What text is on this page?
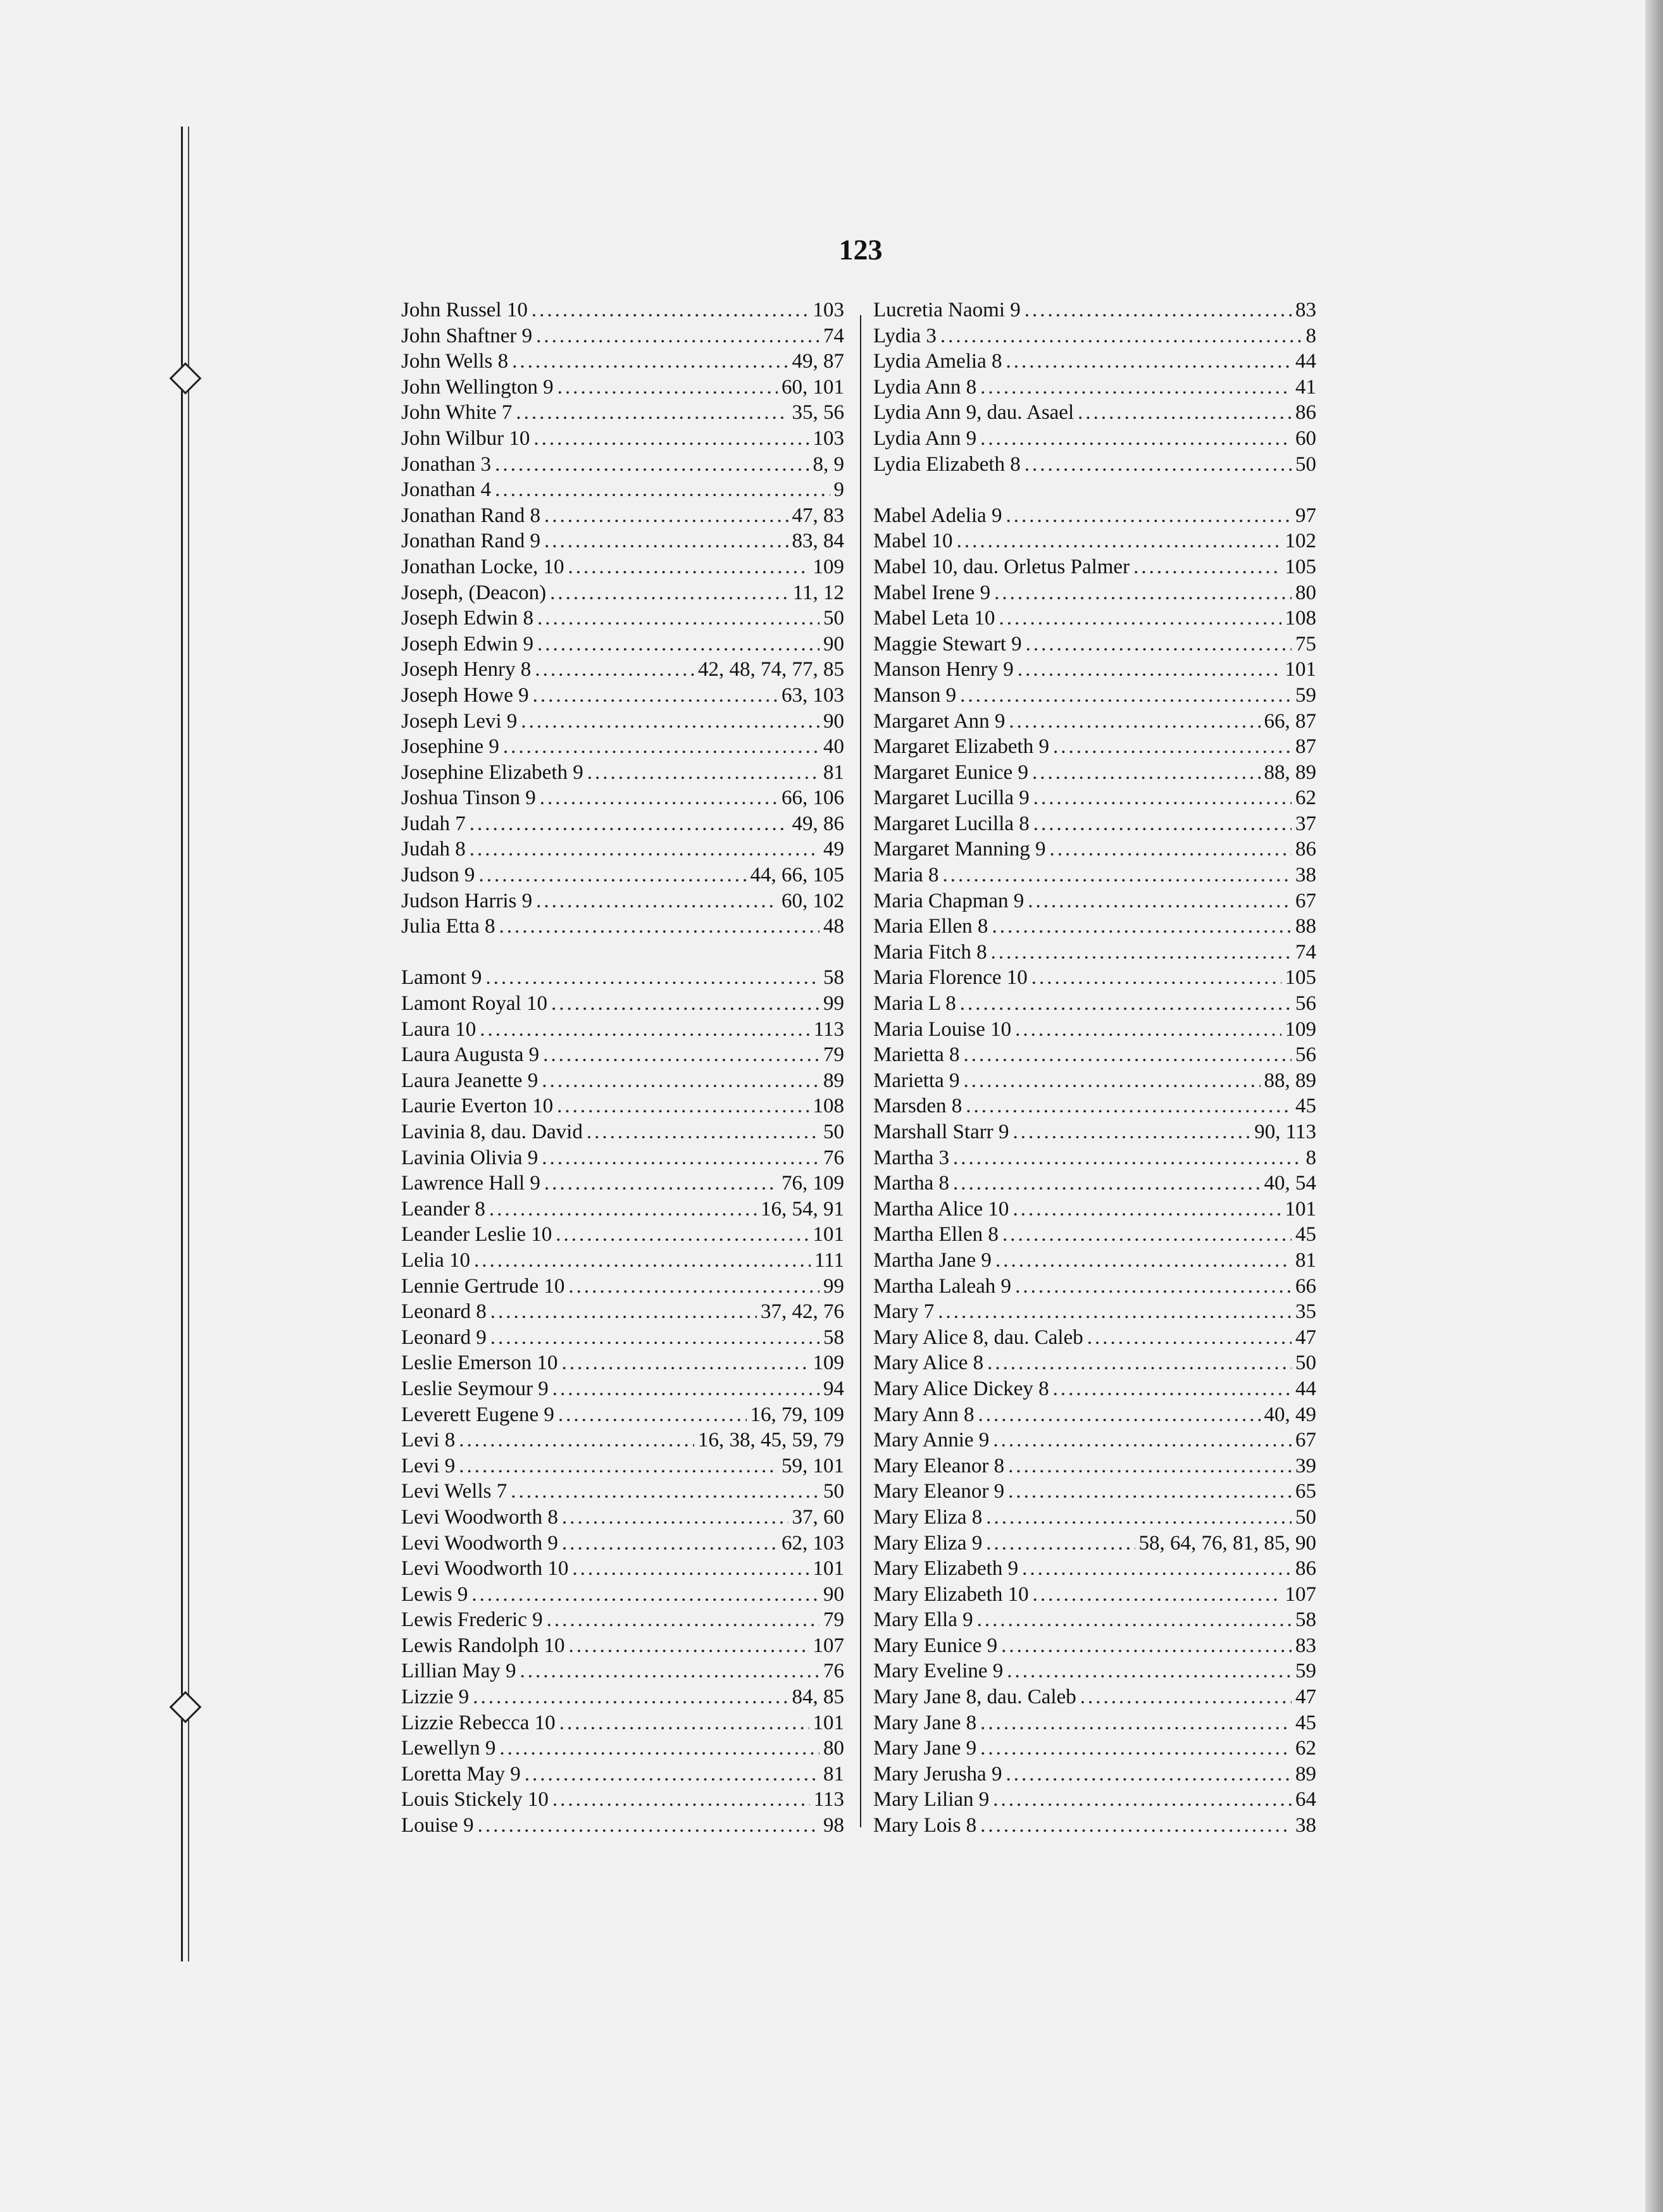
123
John Russel 10 .....	103
John Shaftner 9 .....	74
John Wells 8 .....	49, 87
John Wellington 9 .....	60, 101
John White 7 .....	35, 56
John Wilbur 10 .....	103
Jonathan 3 .....	8, 9
Jonathan 4 .....	9
Jonathan Rand 8 .....	47, 83
Jonathan Rand 9 .....	83, 84
Jonathan Locke, 10 .....	109
Joseph, (Deacon) .....	11, 12
Joseph Edwin 8 .....	50
Joseph Edwin 9 .....	90
Joseph Henry 8 .....	42, 48, 74, 77, 85
Joseph Howe 9 .....	63, 103
Joseph Levi 9 .....	90
Josephine 9 .....	40
Josephine Elizabeth 9 .....	81
Joshua Tinson 9 .....	66, 106
Judah 7 .....	49, 86
Judah 8 .....	49
Judson 9 .....	44, 66, 105
Judson Harris 9 .....	60, 102
Julia Etta 8 .....	48
Lamont 9 .....	58
Lamont Royal 10 .....	99
Laura 10 .....	113
Laura Augusta 9 .....	79
Laura Jeanette 9 .....	89
Laurie Everton 10 .....	108
Lavinia 8, dau. David .....	50
Lavinia Olivia 9 .....	76
Lawrence Hall 9 .....	76, 109
Leander 8 .....	16, 54, 91
Leander Leslie 10 .....	101
Lelia 10 .....	111
Lennie Gertrude 10 .....	99
Leonard 8 .....	37, 42, 76
Leonard 9 .....	58
Leslie Emerson 10 .....	109
Leslie Seymour 9 .....	94
Leverett Eugene 9 .....	16, 79, 109
Levi 8 .....	16, 38, 45, 59, 79
Levi 9 .....	59, 101
Levi Wells 7 .....	50
Levi Woodworth 8 .....	37, 60
Levi Woodworth 9 .....	62, 103
Levi Woodworth 10 .....	101
Lewis 9 .....	90
Lewis Frederic 9 .....	79
Lewis Randolph 10 .....	107
Lillian May 9 .....	76
Lizzie 9 .....	84, 85
Lizzie Rebecca 10 .....	101
Lewellyn 9 .....	80
Loretta May 9 .....	81
Louis Stickely 10 .....	113
Louise 9 .....	98
Lucretia Naomi 9 .....	83
Lydia 3 .....	8
Lydia Amelia 8 .....	44
Lydia Ann 8 .....	41
Lydia Ann 9, dau. Asael .....	86
Lydia Ann 9 .....	60
Lydia Elizabeth 8 .....	50
Mabel Adelia 9 .....	97
Mabel 10 .....	102
Mabel 10, dau. Orletus Palmer .....	105
Mabel Irene 9 .....	80
Mabel Leta 10 .....	108
Maggie Stewart 9 .....	75
Manson Henry 9 .....	101
Manson 9 .....	59
Margaret Ann 9 .....	66, 87
Margaret Elizabeth 9 .....	87
Margaret Eunice 9 .....	88, 89
Margaret Lucilla 9 .....	62
Margaret Lucilla 8 .....	37
Margaret Manning 9 .....	86
Maria 8 .....	38
Maria Chapman 9 .....	67
Maria Ellen 8 .....	88
Maria Fitch 8 .....	74
Maria Florence 10 .....	105
Maria L 8 .....	56
Maria Louise 10 .....	109
Marietta 8 .....	56
Marietta 9 .....	88, 89
Marsden 8 .....	45
Marshall Starr 9 .....	90, 113
Martha 3 .....	8
Martha 8 .....	40, 54
Martha Alice 10 .....	101
Martha Ellen 8 .....	45
Martha Jane 9 .....	81
Martha Laleah 9 .....	66
Mary 7 .....	35
Mary Alice 8, dau. Caleb .....	47
Mary Alice 8 .....	50
Mary Alice Dickey 8 .....	44
Mary Ann 8 .....	40, 49
Mary Annie 9 .....	67
Mary Eleanor 8 .....	39
Mary Eleanor 9 .....	65
Mary Eliza 8 .....	50
Mary Eliza 9 .....	58, 64, 76, 81, 85, 90
Mary Elizabeth 9 .....	86
Mary Elizabeth 10 .....	107
Mary Ella 9 .....	58
Mary Eunice 9 .....	83
Mary Eveline 9 .....	59
Mary Jane 8, dau. Caleb .....	47
Mary Jane 8 .....	45
Mary Jane 9 .....	62
Mary Jerusha 9 .....	89
Mary Lilian 9 .....	64
Mary Lois 8 .....	38
